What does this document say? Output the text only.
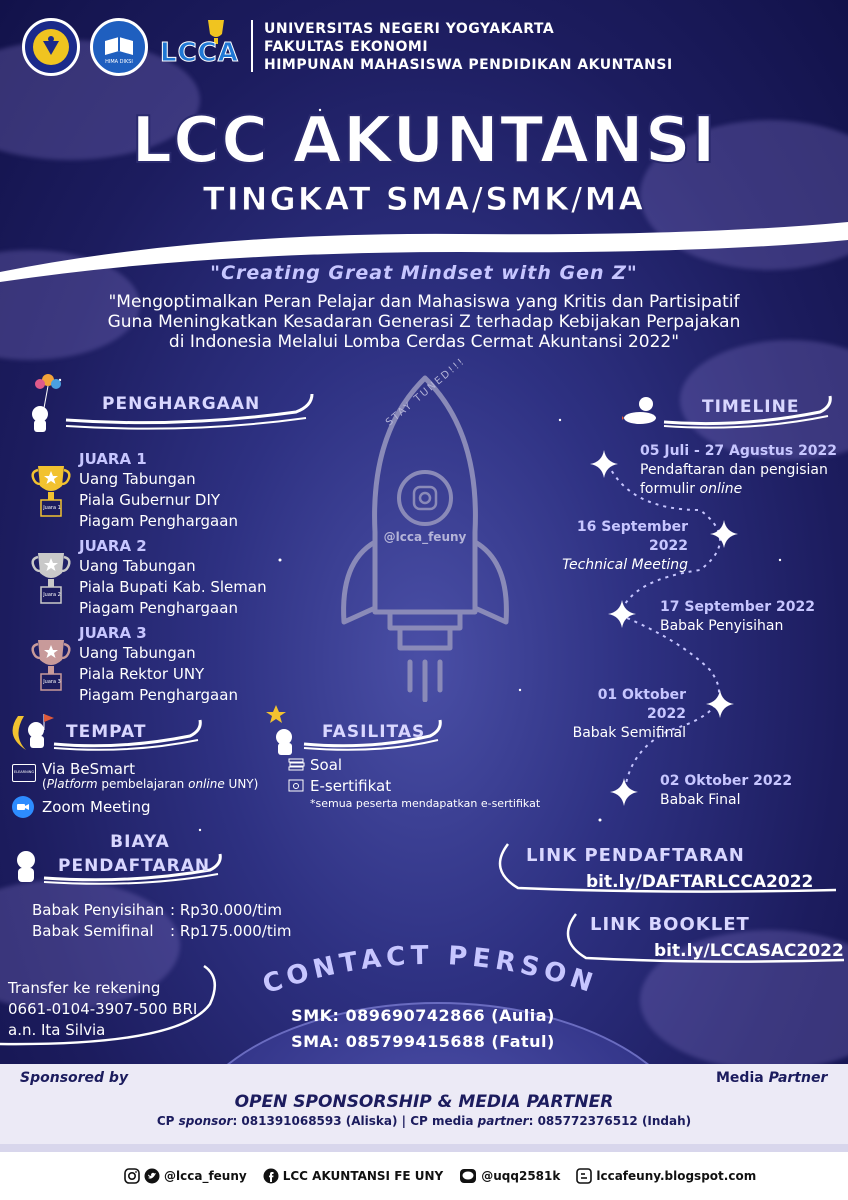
HIMA DIKSI	LCCA
UNIVERSITAS NEGERI YOGYAKARTA
FAKULTAS EKONOMI
HIMPUNAN MAHASISWA PENDIDIKAN AKUNTANSI
LCC AKUNTANSI
TINGKAT SMA/SMK/MA
"Creating Great Mindset with Gen Z"
"Mengoptimalkan Peran Pelajar dan Mahasiswa yang Kritis dan Partisipatif
Guna Meningkatkan Kesadaran Generasi Z terhadap Kebijakan Perpajakan
di Indonesia Melalui Lomba Cerdas Cermat Akuntansi 2022"
STAY TUNED!!!
@lcca_feuny
PENGHARGAAN
Juara 1
JUARA 1
Uang Tabungan
Piala Gubernur DIY
Piagam Penghargaan
Juara 2
JUARA 2
Uang Tabungan
Piala Bupati Kab. Sleman
Piagam Penghargaan
Juara 3
JUARA 3
Uang Tabungan
Piala Rektor UNY
Piagam Penghargaan
TIMELINE
05 Juli - 27 Agustus 2022
Pendaftaran dan pengisian
formulir online
16 September 2022
Technical Meeting
17 September 2022
Babak Penyisihan
01 Oktober 2022
Babak Semifinal
02 Oktober 2022
Babak Final
TEMPAT
ELEARNING Via BeSmart
(Platform pembelajaran online UNY)
Zoom Meeting
FASILITAS
Soal
E-sertifikat
*semua peserta mendapatkan e-sertifikat
BIAYA
PENDAFTARAN
Babak Penyisihan : Rp30.000/tim
Babak Semifinal : Rp175.000/tim
Transfer ke rekening
0661-0104-3907-500 BRI
a.n. Ita Silvia
LINK PENDAFTARAN
bit.ly/DAFTARLCCA2022
LINK BOOKLET
bit.ly/LCCASAC2022
CONTACT PERSON
SMK: 089690742866 (Aulia)
SMA: 085799415688 (Fatul)
Sponsored by	Media Partner
OPEN SPONSORSHIP & MEDIA PARTNER
CP sponsor: 081391068593 (Aliska) | CP media partner: 085772376512 (Indah)
@lcca_feuny	LCC AKUNTANSI FE UNY	@uqq2581k	lccafeuny.blogspot.com
